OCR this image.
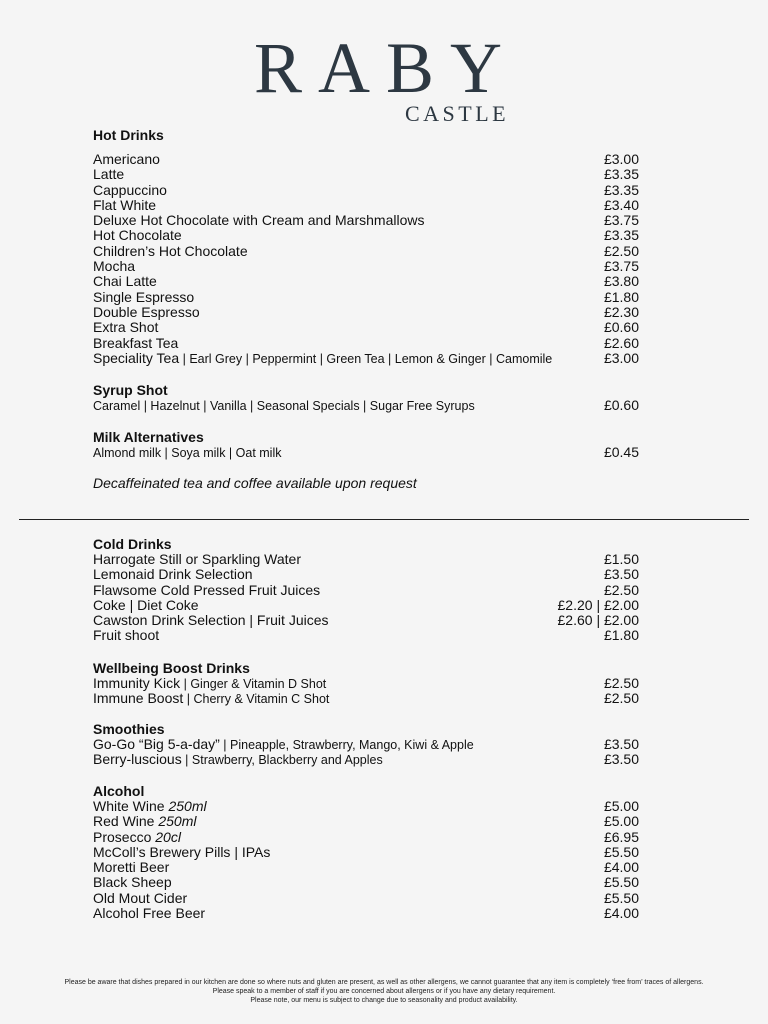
RABY
CASTLE
Hot Drinks
Americano	£3.00
Latte	£3.35
Cappuccino	£3.35
Flat White	£3.40
Deluxe Hot Chocolate with Cream and Marshmallows	£3.75
Hot Chocolate	£3.35
Children’s Hot Chocolate	£2.50
Mocha	£3.75
Chai Latte	£3.80
Single Espresso	£1.80
Double Espresso	£2.30
Extra Shot	£0.60
Breakfast Tea	£2.60
Speciality Tea | Earl Grey | Peppermint | Green Tea | Lemon & Ginger | Camomile	£3.00
Syrup Shot
Caramel | Hazelnut | Vanilla | Seasonal Specials | Sugar Free Syrups	£0.60
Milk Alternatives
Almond milk | Soya milk | Oat milk	£0.45
Decaffeinated tea and coffee available upon request
Cold Drinks
Harrogate Still or Sparkling Water	£1.50
Lemonaid Drink Selection	£3.50
Flawsome Cold Pressed Fruit Juices	£2.50
Coke | Diet Coke	£2.20 | £2.00
Cawston Drink Selection | Fruit Juices	£2.60 | £2.00
Fruit shoot	£1.80
Wellbeing Boost Drinks
Immunity Kick | Ginger & Vitamin D Shot	£2.50
Immune Boost | Cherry & Vitamin C Shot	£2.50
Smoothies
Go-Go “Big 5-a-day” | Pineapple, Strawberry, Mango, Kiwi & Apple	£3.50
Berry-luscious | Strawberry, Blackberry and Apples	£3.50
Alcohol
White Wine 250ml	£5.00
Red Wine 250ml	£5.00
Prosecco 20cl	£6.95
McColl’s Brewery Pills | IPAs	£5.50
Moretti Beer	£4.00
Black Sheep	£5.50
Old Mout Cider	£5.50
Alcohol Free Beer	£4.00
Please be aware that dishes prepared in our kitchen are done so where nuts and gluten are present, as well as other allergens, we cannot guarantee that any item is completely ‘free from’ traces of allergens.
Please speak to a member of staff if you are concerned about allergens or if you have any dietary requirement.
Please note, our menu is subject to change due to seasonality and product availability.
